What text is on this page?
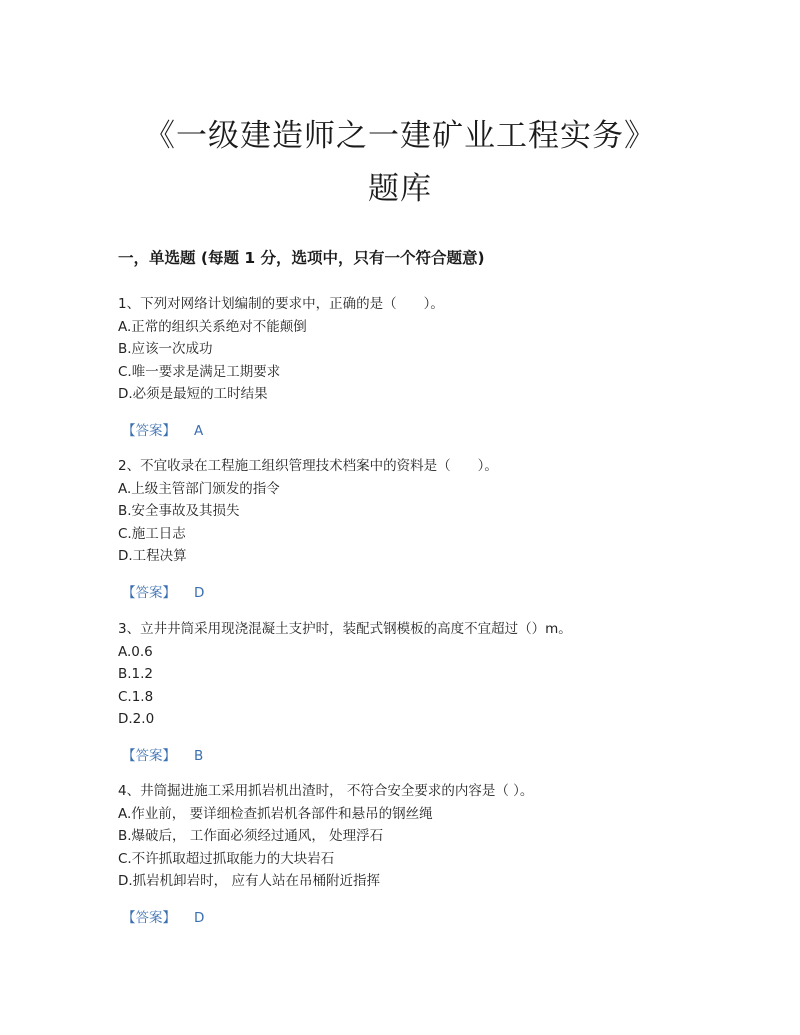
《一级建造师之一建矿业工程实务》
题库
一，单选题 (每题 1 分，选项中，只有一个符合题意)
1、下列对网络计划编制的要求中，正确的是（　　）。
A.正常的组织关系绝对不能颠倒
B.应该一次成功
C.唯一要求是满足工期要求
D.必须是最短的工时结果
【答案】 A
2、不宜收录在工程施工组织管理技术档案中的资料是（　　）。
A.上级主管部门颁发的指令
B.安全事故及其损失
C.施工日志
D.工程决算
【答案】 D
3、立井井筒采用现浇混凝土支护时，装配式钢模板的高度不宜超过（）m。
A.0.6
B.1.2
C.1.8
D.2.0
【答案】 B
4、井筒掘进施工采用抓岩机出渣时， 不符合安全要求的内容是（ ）。
A.作业前， 要详细检查抓岩机各部件和悬吊的钢丝绳
B.爆破后， 工作面必须经过通风， 处理浮石
C.不许抓取超过抓取能力的大块岩石
D.抓岩机卸岩时， 应有人站在吊桶附近指挥
【答案】 D
